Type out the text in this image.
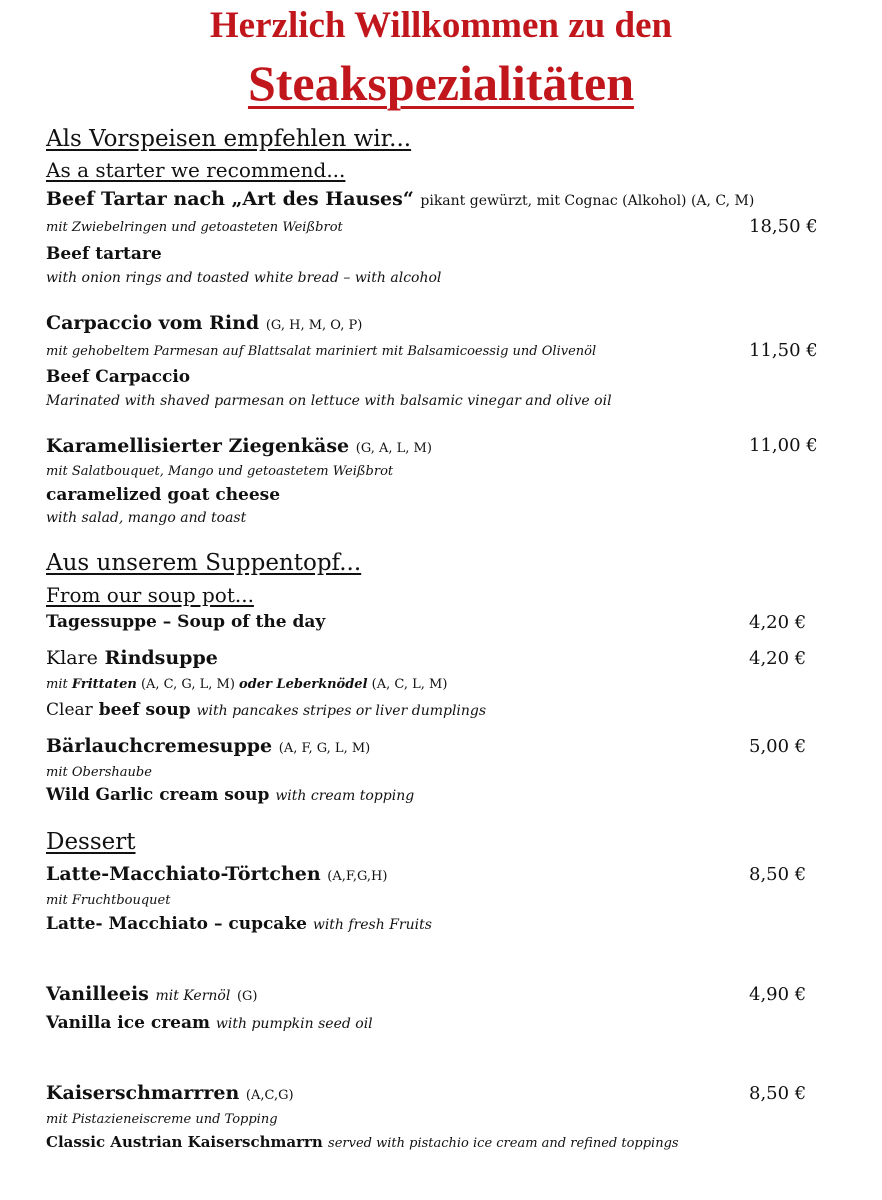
Herzlich Willkommen zu den
Steakspezialitäten
Als Vorspeisen empfehlen wir...
As a starter we recommend...
Beef Tartar nach „Art des Hauses“ pikant gewürzt, mit Cognac (Alkohol) (A, C, M)
mit Zwiebelringen und getoasteten Weißbrot	18,50 €
Beef tartare
with onion rings and toasted white bread – with alcohol
Carpaccio vom Rind (G, H, M, O, P)
mit gehobeltem Parmesan auf Blattsalat mariniert mit Balsamicoessig und Olivenöl	11,50 €
Beef Carpaccio
Marinated with shaved parmesan on lettuce with balsamic vinegar and olive oil
Karamellisierter Ziegenkäse (G, A, L, M)	11,00 €
mit Salatbouquet, Mango und getoastetem Weißbrot
caramelized goat cheese
with salad, mango and toast
Aus unserem Suppentopf...
From our soup pot...
Tagessuppe – Soup of the day	4,20 €
Klare Rindsuppe	4,20 €
mit Frittaten (A, C, G, L, M) oder Leberknödel (A, C, L, M)
Clear beef soup with pancakes stripes or liver dumplings
Bärlauchcremesuppe (A, F, G, L, M)	5,00 €
mit Obershaube
Wild Garlic cream soup with cream topping
Dessert
Latte-Macchiato-Törtchen (A,F,G,H)	8,50 €
mit Fruchtbouquet
Latte- Macchiato – cupcake with fresh Fruits
Vanilleeis mit Kernöl (G)	4,90 €
Vanilla ice cream with pumpkin seed oil
Kaiserschmarrren (A,C,G)	8,50 €
mit Pistazieneiscreme und Topping
Classic Austrian Kaiserschmarrn served with pistachio ice cream and refined toppings
